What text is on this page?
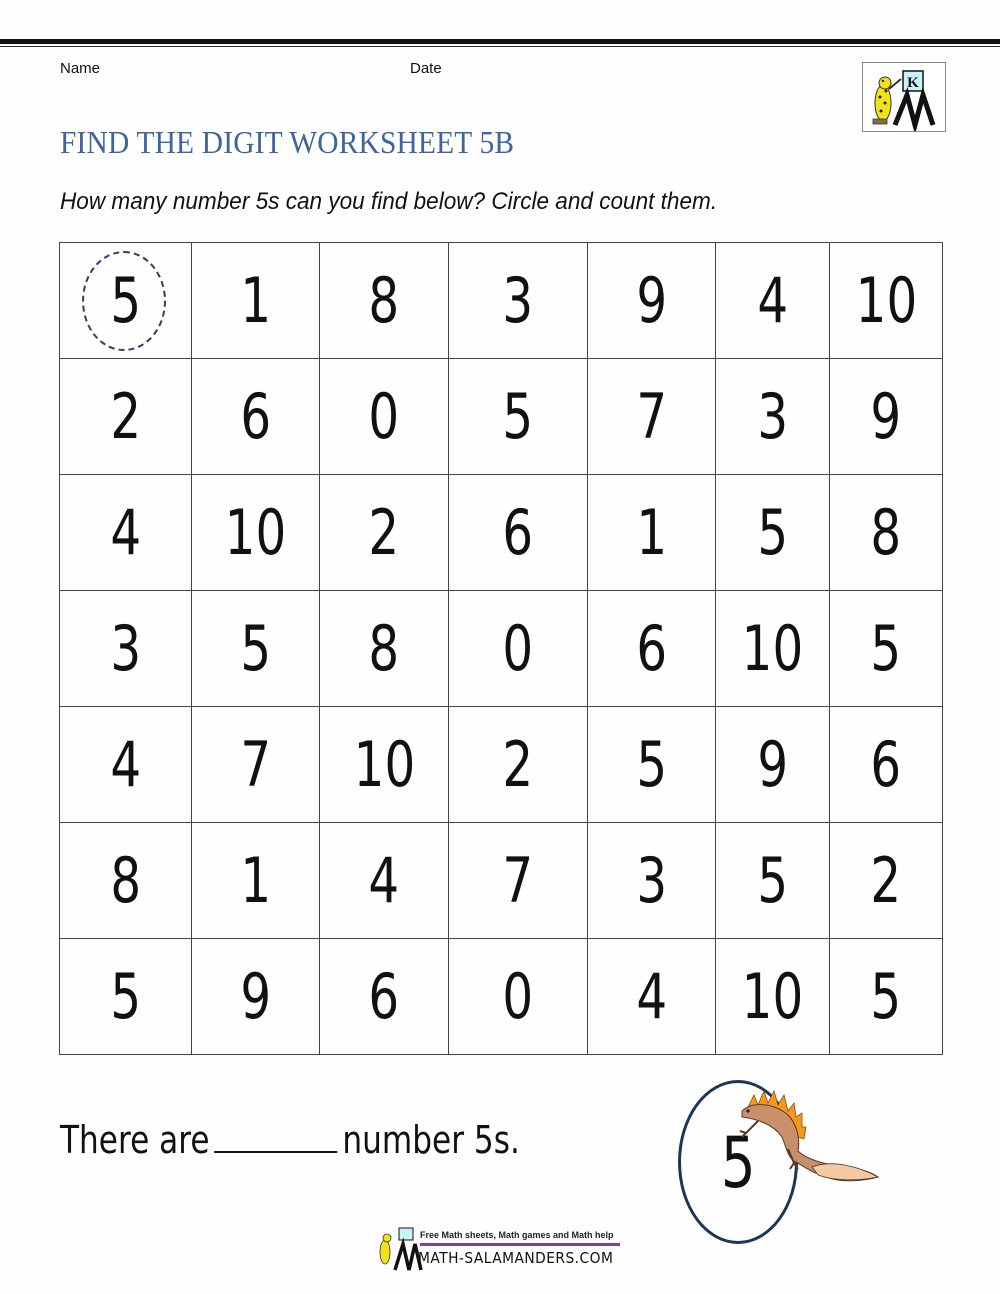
Name	Date
K
FIND THE DIGIT WORKSHEET 5B
How many number 5s can you find below? Circle and count them.
5	1	8	3	9	4	10
2	6	0	5	7	3	9
4	10	2	6	1	5	8
3	5	8	0	6	10	5
4	7	10	2	5	9	6
8	1	4	7	3	5	2
5	9	6	0	4	10	5
There are	number 5s.	5
Free Math sheets, Math games and Math help
MATH-SALAMANDERS.COM
